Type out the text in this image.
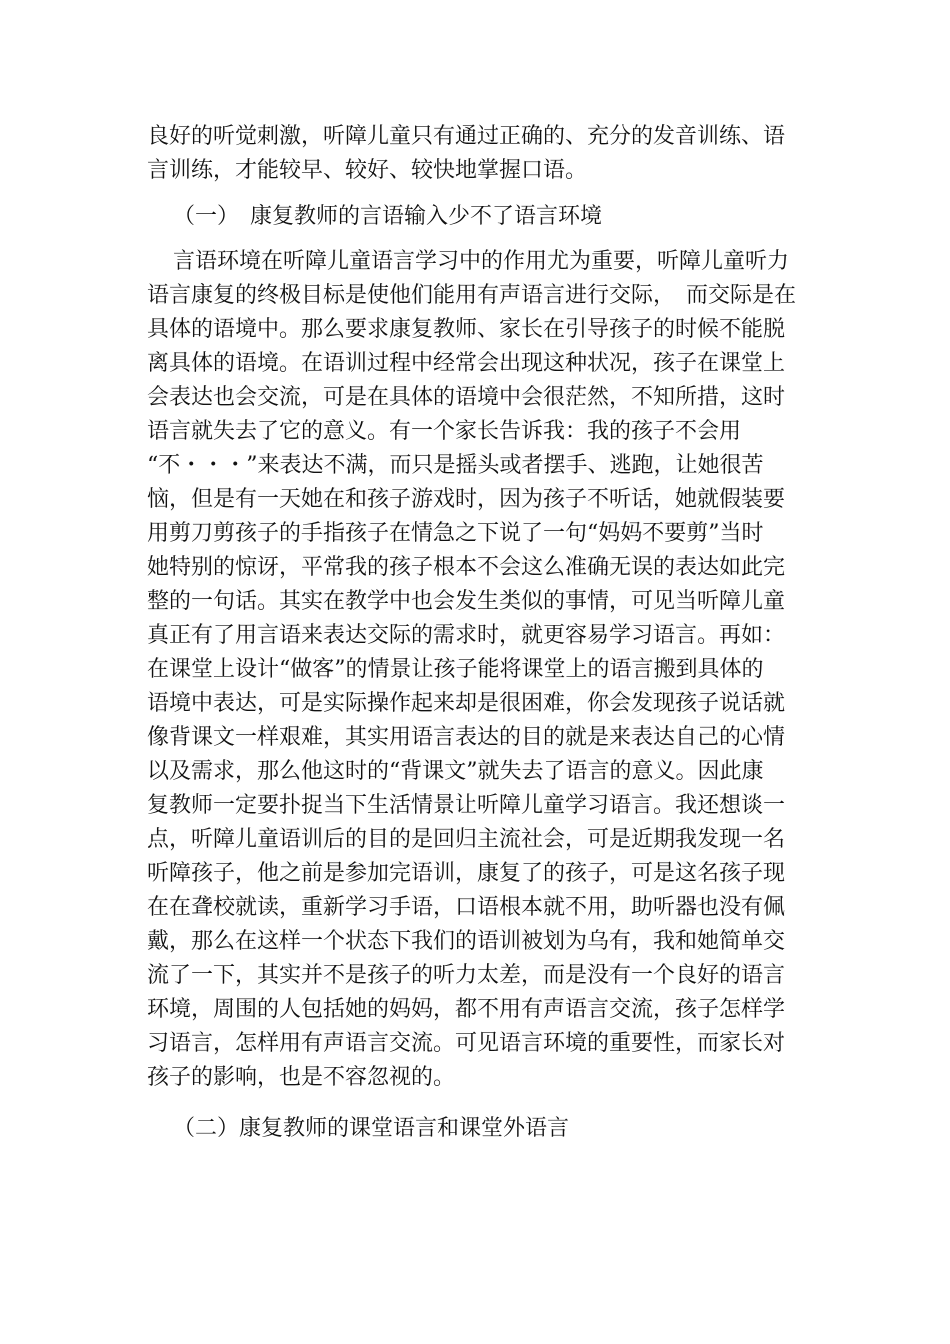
良好的听觉刺激，听障儿童只有通过正确的、充分的发音训练、语

言训练，才能较早、较好、较快地掌握口语。

（一）　康复教师的言语输入少不了语言环境

言语环境在听障儿童语言学习中的作用尤为重要，听障儿童听力

语言康复的终极目标是使他们能用有声语言进行交际，　而交际是在

具体的语境中。那么要求康复教师、家长在引导孩子的时候不能脱

离具体的语境。在语训过程中经常会出现这种状况，孩子在课堂上

会表达也会交流，可是在具体的语境中会很茫然，不知所措，这时

语言就失去了它的意义。有一个家长告诉我：我的孩子不会用

“不・・・”来表达不满，而只是摇头或者摆手、逃跑，让她很苦

恼，但是有一天她在和孩子游戏时，因为孩子不听话，她就假装要

用剪刀剪孩子的手指孩子在情急之下说了一句“妈妈不要剪”当时

她特别的惊讶，平常我的孩子根本不会这么准确无误的表达如此完

整的一句话。其实在教学中也会发生类似的事情，可见当听障儿童

真正有了用言语来表达交际的需求时，就更容易学习语言。再如：

在课堂上设计“做客”的情景让孩子能将课堂上的语言搬到具体的

语境中表达，可是实际操作起来却是很困难，你会发现孩子说话就

像背课文一样艰难，其实用语言表达的目的就是来表达自己的心情

以及需求，那么他这时的“背课文”就失去了语言的意义。因此康

复教师一定要扑捉当下生活情景让听障儿童学习语言。我还想谈一

点，听障儿童语训后的目的是回归主流社会，可是近期我发现一名

听障孩子，他之前是参加完语训，康复了的孩子，可是这名孩子现

在在聋校就读，重新学习手语，口语根本就不用，助听器也没有佩

戴，那么在这样一个状态下我们的语训被划为乌有，我和她简单交

流了一下，其实并不是孩子的听力太差，而是没有一个良好的语言

环境，周围的人包括她的妈妈，都不用有声语言交流，孩子怎样学

习语言，怎样用有声语言交流。可见语言环境的重要性，而家长对

孩子的影响，也是不容忽视的。

（二）康复教师的课堂语言和课堂外语言
